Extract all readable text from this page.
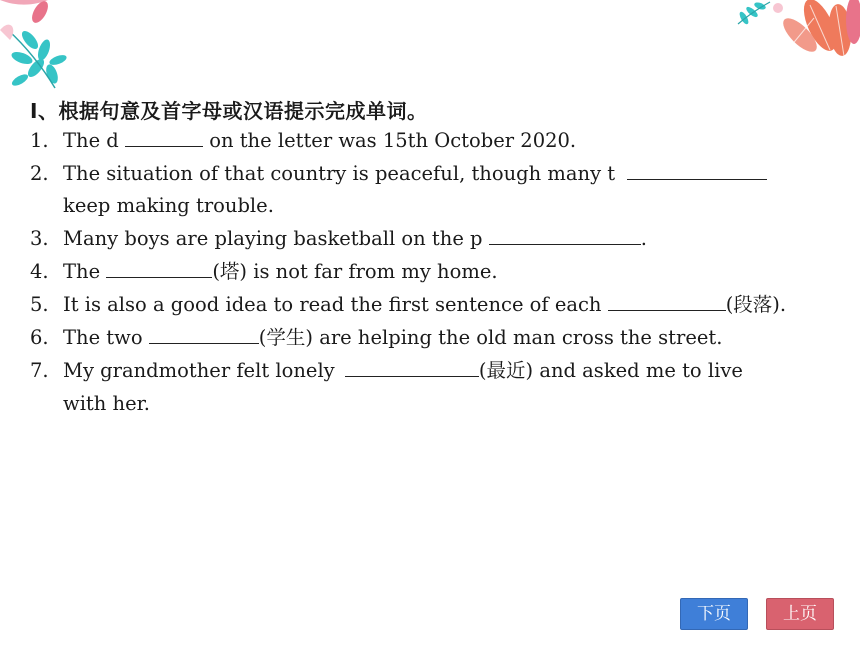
Ⅰ、根据句意及首字母或汉语提示完成单词。
1. The d	on the letter was 15th October 2020.
2. The situation of that country is peaceful, though many t
keep making trouble.
3. Many boys are playing basketball on the p	.
4. The	(塔) is not far from my home.
5. It is also a good idea to read the first sentence of each	(段落).
6. The two	(学生) are helping the old man cross the street.
7. My grandmother felt lonely	(最近) and asked me to live
with her.
下页	上页
